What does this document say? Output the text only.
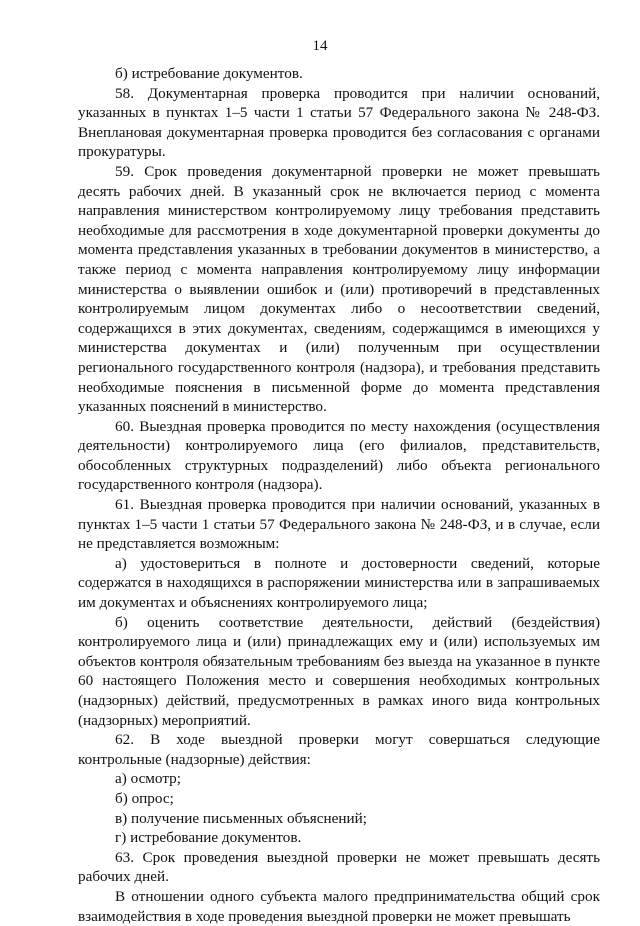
14

б) истребование документов.

58. Документарная проверка проводится при наличии оснований, указанных в пунктах 1–5 части 1 статьи 57 Федерального закона № 248-ФЗ. Внеплановая документарная проверка проводится без согласования с органами прокуратуры.

59. Срок проведения документарной проверки не может превышать десять рабочих дней. В указанный срок не включается период с момента направления министерством контролируемому лицу требования представить необходимые для рассмотрения в ходе документарной проверки документы до момента представления указанных в требовании документов в министерство, а также период с момента направления контролируемому лицу информации министерства о выявлении ошибок и (или) противоречий в представленных контролируемым лицом документах либо о несоответствии сведений, содержащихся в этих документах, сведениям, содержащимся в имеющихся у министерства документах и (или) полученным при осуществлении регионального государственного контроля (надзора), и требования представить необходимые пояснения в письменной форме до момента представления указанных пояснений в министерство.

60. Выездная проверка проводится по месту нахождения (осуществления деятельности) контролируемого лица (его филиалов, представительств, обособленных структурных подразделений) либо объекта регионального государственного контроля (надзора).

61. Выездная проверка проводится при наличии оснований, указанных в пунктах 1–5 части 1 статьи 57 Федерального закона № 248-ФЗ, и в случае, если не представляется возможным:

а) удостовериться в полноте и достоверности сведений, которые содержатся в находящихся в распоряжении министерства или в запрашиваемых им документах и объяснениях контролируемого лица;

б) оценить соответствие деятельности, действий (бездействия) контролируемого лица и (или) принадлежащих ему и (или) используемых им объектов контроля обязательным требованиям без выезда на указанное в пункте 60 настоящего Положения место и совершения необходимых контрольных (надзорных) действий, предусмотренных в рамках иного вида контрольных (надзорных) мероприятий.

62. В ходе выездной проверки могут совершаться следующие контрольные (надзорные) действия:

а) осмотр;

б) опрос;

в) получение письменных объяснений;

г) истребование документов.

63. Срок проведения выездной проверки не может превышать десять рабочих дней.

В отношении одного субъекта малого предпринимательства общий срок взаимодействия в ходе проведения выездной проверки не может превышать
